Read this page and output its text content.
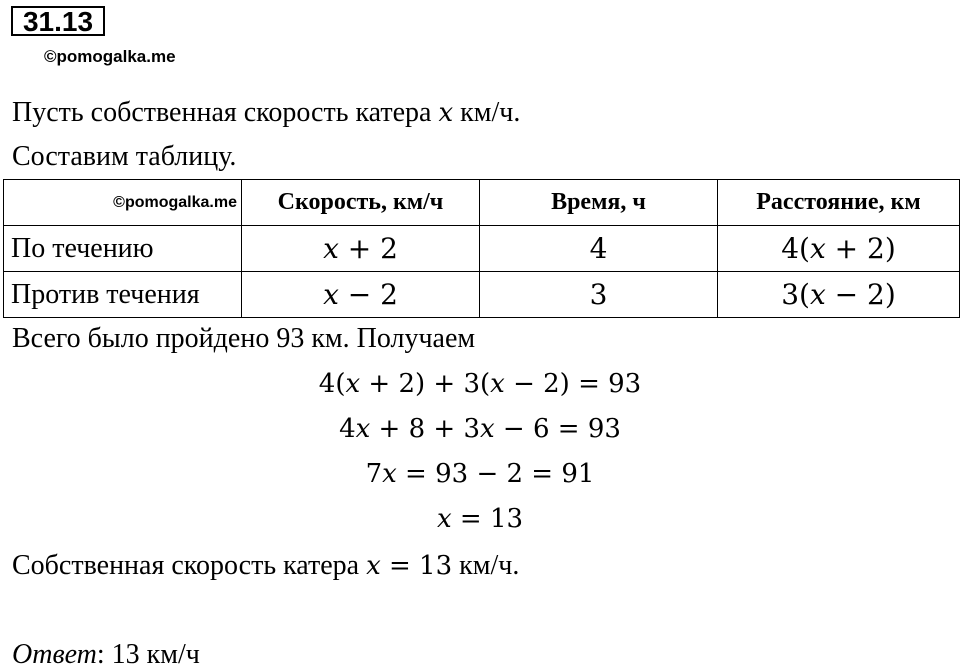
31.13
©pomogalka.me
Пусть собственная скорость катера x км/ч.
Составим таблицу.
©pomogalka.me	Скорость, км/ч	Время, ч	Расстояние, км
По течению	x + 2	4	4(x + 2)
Против течения	x − 2	3	3(x − 2)
Всего было пройдено 93 км. Получаем
4(x + 2) + 3(x − 2) = 93
4x + 8 + 3x − 6 = 93
7x = 93 − 2 = 91
x = 13
Собственная скорость катера x = 13 км/ч.
Ответ: 13 км/ч
